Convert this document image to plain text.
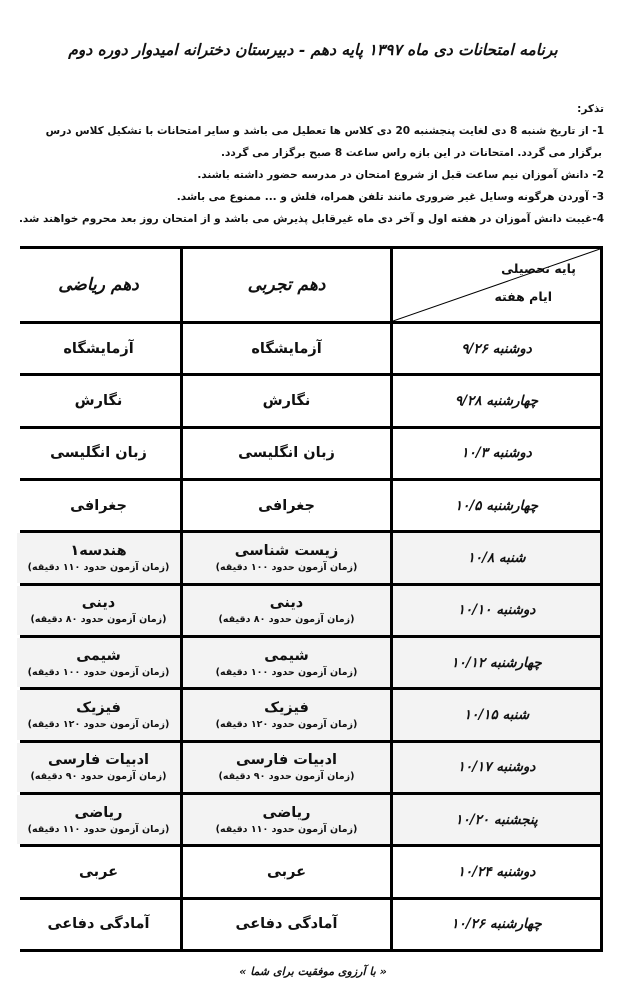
برنامه امتحانات دی ماه ۱۳۹۷ پایه دهم - دبیرستان دخترانه امیدوار دوره دوم
تذکر:
1- از تاریخ شنبه 8 دی لغایت پنجشنبه 20 دی کلاس ها تعطیل می باشد و سایر امتحانات با تشکیل کلاس درس
برگزار می گردد. امتحانات در این بازه راس ساعت 8 صبح برگزار می گردد.
2- دانش آموزان نیم ساعت قبل از شروع امتحان در مدرسه حضور داشته باشند.
3- آوردن هرگونه وسایل غیر ضروری مانند تلفن همراه، فلش و ... ممنوع می باشد.
4-غیبت دانش آموزان در هفته اول و آخر دی ماه غیرقابل پذیرش می باشد و از امتحان روز بعد محروم خواهند شد.
پایه تحصیلی
ایام هفته
دهم تجربی
دهم ریاضی
دوشنبه ۹/۲۶
آزمایشگاه
آزمایشگاه
چهارشنبه ۹/۲۸
نگارش
نگارش
دوشنبه ۱۰/۳
زبان انگلیسی
زبان انگلیسی
چهارشنبه ۱۰/۵
جغرافی
جغرافی
شنبه ۱۰/۸
زیست شناسی
(زمان آزمون حدود ۱۰۰ دقیقه)
هندسه۱
(زمان آزمون حدود ۱۱۰ دقیقه)
دوشنبه ۱۰/۱۰
دینی
(زمان آزمون حدود ۸۰ دقیقه)
دینی
(زمان آزمون حدود ۸۰ دقیقه)
چهارشنبه ۱۰/۱۲
شیمی
(زمان آزمون حدود ۱۰۰ دقیقه)
شیمی
(زمان آزمون حدود ۱۰۰ دقیقه)
شنبه ۱۰/۱۵
فیزیک
(زمان آزمون حدود ۱۲۰ دقیقه)
فیزیک
(زمان آزمون حدود ۱۲۰ دقیقه)
دوشنبه ۱۰/۱۷
ادبیات فارسی
(زمان آزمون حدود ۹۰ دقیقه)
ادبیات فارسی
(زمان آزمون حدود ۹۰ دقیقه)
پنجشنبه ۱۰/۲۰
ریاضی
(زمان آزمون حدود ۱۱۰ دقیقه)
ریاضی
(زمان آزمون حدود ۱۱۰ دقیقه)
دوشنبه ۱۰/۲۴
عربی
عربی
چهارشنبه ۱۰/۲۶
آمادگی دفاعی
آمادگی دفاعی
« با آرزوی موفقیت برای شما »
